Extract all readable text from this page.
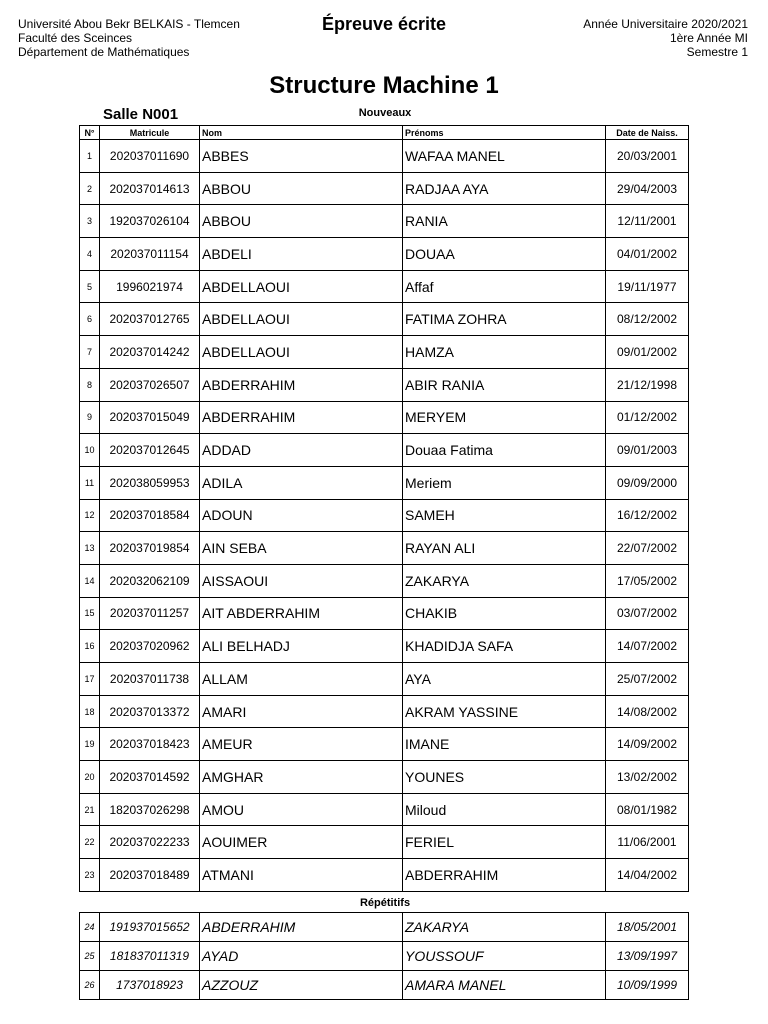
Université Abou Bekr BELKAIS - Tlemcen
Faculté des Sceinces
Département de Mathématiques
Épreuve écrite	Année Universitaire 2020/2021
1ère Année MI
Semestre 1
Structure Machine 1
Salle N001	Nouveaux
N°	Matricule	Nom	Prénoms	Date de Naiss.
1	202037011690	ABBES	WAFAA MANEL	20/03/2001
2	202037014613	ABBOU	RADJAA AYA	29/04/2003
3	192037026104	ABBOU	RANIA	12/11/2001
4	202037011154	ABDELI	DOUAA	04/01/2002
5	1996021974	ABDELLAOUI	Affaf	19/11/1977
6	202037012765	ABDELLAOUI	FATIMA ZOHRA	08/12/2002
7	202037014242	ABDELLAOUI	HAMZA	09/01/2002
8	202037026507	ABDERRAHIM	ABIR RANIA	21/12/1998
9	202037015049	ABDERRAHIM	MERYEM	01/12/2002
10	202037012645	ADDAD	Douaa Fatima	09/01/2003
11	202038059953	ADILA	Meriem	09/09/2000
12	202037018584	ADOUN	SAMEH	16/12/2002
13	202037019854	AIN SEBA	RAYAN ALI	22/07/2002
14	202032062109	AISSAOUI	ZAKARYA	17/05/2002
15	202037011257	AIT ABDERRAHIM	CHAKIB	03/07/2002
16	202037020962	ALI BELHADJ	KHADIDJA SAFA	14/07/2002
17	202037011738	ALLAM	AYA	25/07/2002
18	202037013372	AMARI	AKRAM YASSINE	14/08/2002
19	202037018423	AMEUR	IMANE	14/09/2002
20	202037014592	AMGHAR	YOUNES	13/02/2002
21	182037026298	AMOU	Miloud	08/01/1982
22	202037022233	AOUIMER	FERIEL	11/06/2001
23	202037018489	ATMANI	ABDERRAHIM	14/04/2002
Répétitifs
24	191937015652	ABDERRAHIM	ZAKARYA	18/05/2001
25	181837011319	AYAD	YOUSSOUF	13/09/1997
26	1737018923	AZZOUZ	AMARA MANEL	10/09/1999
